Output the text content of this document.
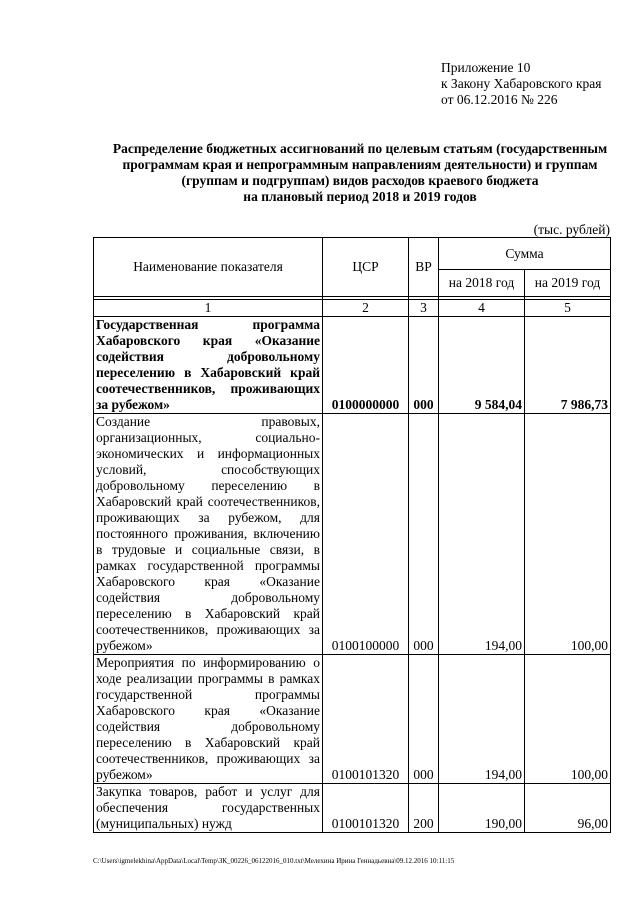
Приложение 10
к Закону Хабаровского края
от 06.12.2016 № 226
Распределение бюджетных ассигнований по целевым статьям (государственным
программам края и непрограммным направлениям деятельности) и группам
(группам и подгруппам) видов расходов краевого бюджета
на плановый период 2018 и 2019 годов
(тыс. рублей)
Наименование показателя	ЦСР	ВР	Сумма	
			на 2018 год	на 2019 год

1	2	3	4	5
Государственная программа Хабаровского края «Оказание содействия добровольному переселению в Хабаровский край соотечественников, проживающих за рубежом»	0100000000	000	9 584,04	7 986,73
Создание правовых, организационных, социально-экономических и информационных условий, способствующих добровольному переселению в Хабаровский край соотечественников, проживающих за рубежом, для постоянного проживания, включению в трудовые и социальные связи, в рамках государственной программы Хабаровского края «Оказание содействия добровольному переселению в Хабаровский край соотечественников, проживающих за рубежом»	0100100000	000	194,00	100,00
Мероприятия по информированию о ходе реализации программы в рамках государственной программы Хабаровского края «Оказание содействия добровольному переселению в Хабаровский край соотечественников, проживающих за рубежом»	0100101320	000	194,00	100,00
Закупка товаров, работ и услуг для обеспечения государственных (муниципальных) нужд	0100101320	200	190,00	96,00
C:\Users\igmelekhina\AppData\Local\Temp\ЗК_00226_06122016_010.txt\Мелехина Ирина Геннадьевна\09.12.2016 10:11:15
